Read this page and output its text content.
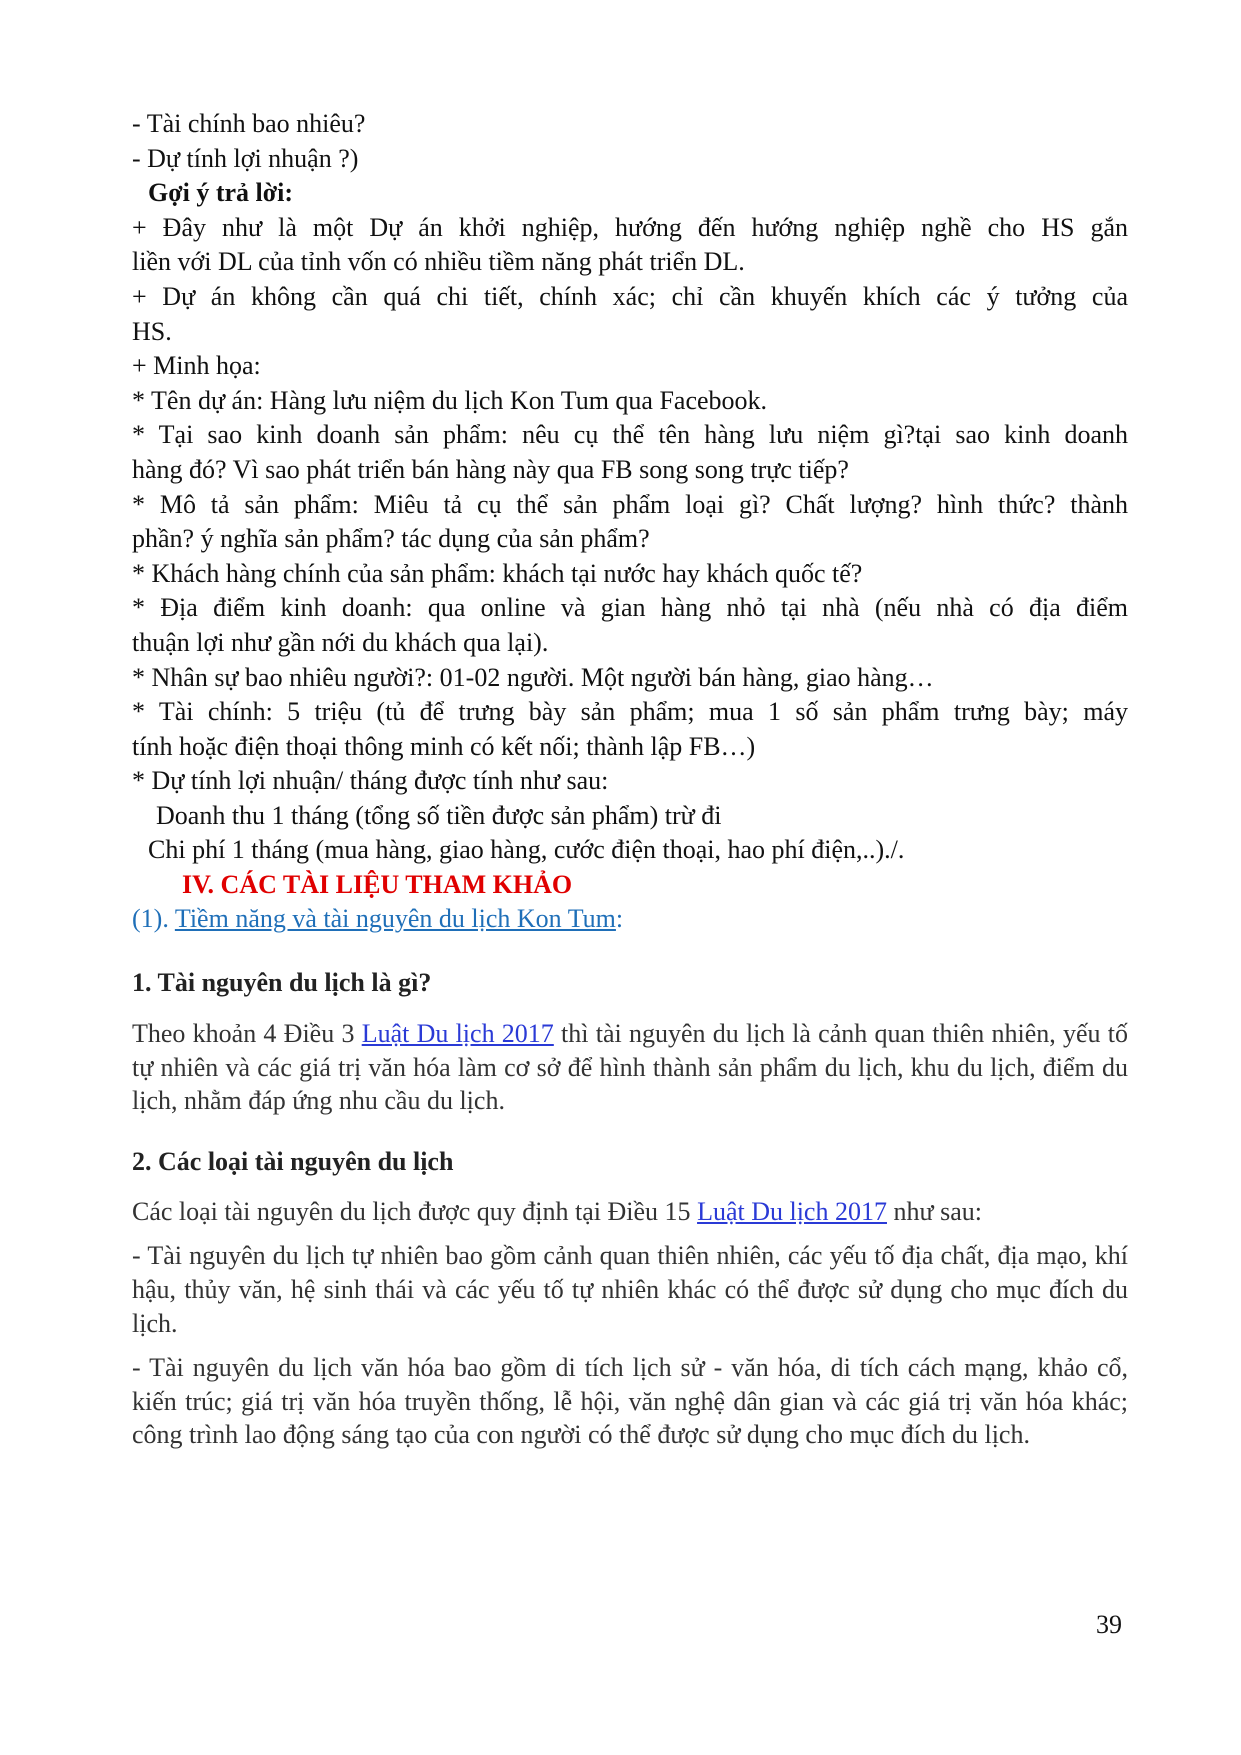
- Tài chính bao nhiêu?

- Dự tính lợi nhuận ?)

Gợi ý trả lời:

+ Đây như là một Dự án khởi nghiệp, hướng đến hướng nghiệp nghề cho HS gắn

liền với DL của tỉnh vốn có nhiều tiềm năng phát triển DL.

+ Dự án không cần quá chi tiết, chính xác; chỉ cần khuyến khích các ý tưởng của

HS.

+ Minh họa:

* Tên dự án: Hàng lưu niệm du lịch Kon Tum qua Facebook.

* Tại sao kinh doanh sản phẩm: nêu cụ thể tên hàng lưu niệm gì?tại sao kinh doanh

hàng đó? Vì sao phát triển bán hàng này qua FB song song trực tiếp?

* Mô tả sản phẩm: Miêu tả cụ thể sản phẩm loại gì? Chất lượng? hình thức? thành

phần? ý nghĩa sản phẩm? tác dụng của sản phẩm?

* Khách hàng chính của sản phẩm: khách tại nước hay khách quốc tế?

* Địa điểm kinh doanh: qua online và gian hàng nhỏ tại nhà (nếu nhà có địa điểm

thuận lợi như gần nới du khách qua lại).

* Nhân sự bao nhiêu người?: 01-02 người. Một người bán hàng, giao hàng…

* Tài chính: 5 triệu (tủ để trưng bày sản phẩm; mua 1 số sản phẩm trưng bày; máy

tính hoặc điện thoại thông minh có kết nối; thành lập FB…)

* Dự tính lợi nhuận/ tháng được tính như sau:

Doanh thu 1 tháng (tổng số tiền được sản phẩm) trừ đi

Chi phí 1 tháng (mua hàng, giao hàng, cước điện thoại, hao phí điện,..)./.

IV. CÁC TÀI LIỆU THAM KHẢO

(1). Tiềm năng và tài nguyên du lịch Kon Tum:

1. Tài nguyên du lịch là gì?

Theo khoản 4 Điều 3 Luật Du lịch 2017 thì tài nguyên du lịch là cảnh quan thiên nhiên, yếu tố tự nhiên và các giá trị văn hóa làm cơ sở để hình thành sản phẩm du lịch, khu du lịch, điểm du lịch, nhằm đáp ứng nhu cầu du lịch.

2. Các loại tài nguyên du lịch

Các loại tài nguyên du lịch được quy định tại Điều 15 Luật Du lịch 2017 như sau:

- Tài nguyên du lịch tự nhiên bao gồm cảnh quan thiên nhiên, các yếu tố địa chất, địa mạo, khí hậu, thủy văn, hệ sinh thái và các yếu tố tự nhiên khác có thể được sử dụng cho mục đích du lịch.

- Tài nguyên du lịch văn hóa bao gồm di tích lịch sử - văn hóa, di tích cách mạng, khảo cổ, kiến trúc; giá trị văn hóa truyền thống, lễ hội, văn nghệ dân gian và các giá trị văn hóa khác; công trình lao động sáng tạo của con người có thể được sử dụng cho mục đích du lịch.

39
